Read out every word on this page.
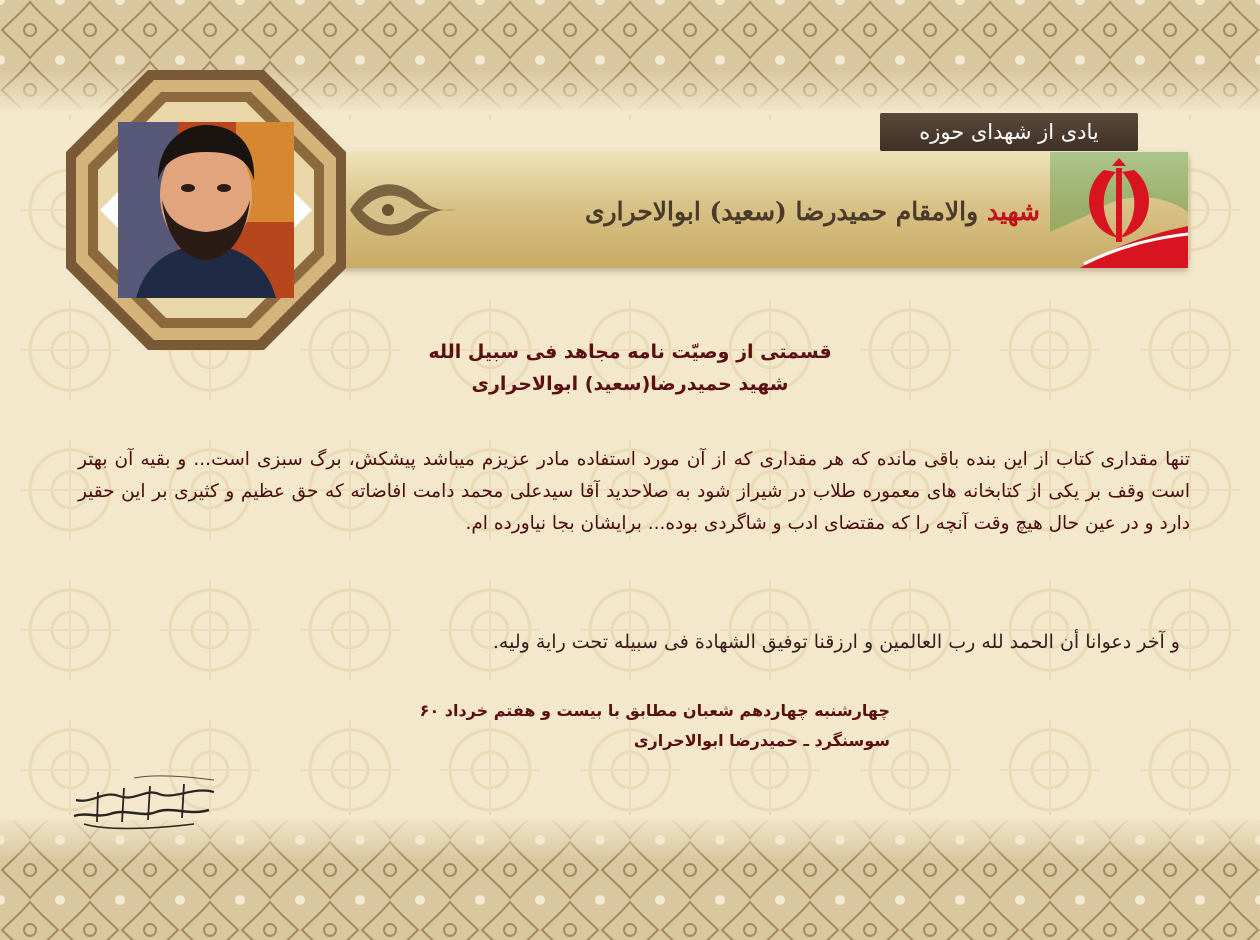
یادی از شهدای حوزه
شهید والامقام حمیدرضا (سعید) ابوالاحراری
قسمتی از وصیّت نامه مجاهد فی سبیل الله
شهید حمیدرضا(سعید) ابوالاحراری
تنها مقداری کتاب از این بنده باقی مانده که هر مقداری که از آن مورد استفاده مادر عزیزم میباشد پیشکش، برگ سبزی است... و بقیه آن بهتر است وقف بر یکی از کتابخانه های معموره طلاب در شیراز شود به صلاحدید آقا سیدعلی محمد دامت افاضاته که حق عظیم و کثیری بر این حقیر دارد و در عین حال هیچ وقت آنچه را که مقتضای ادب و شاگردی بوده... برایشان بجا نیاورده ام.
و آخر دعوانا أن الحمد لله رب العالمین و ارزقنا توفیق الشهادة فی سبیله تحت رایة ولیه.
چهارشنبه چهاردهم شعبان مطابق با بیست و هفتم خرداد ۶۰
سوسنگرد ـ حمیدرضا ابوالاحراری
